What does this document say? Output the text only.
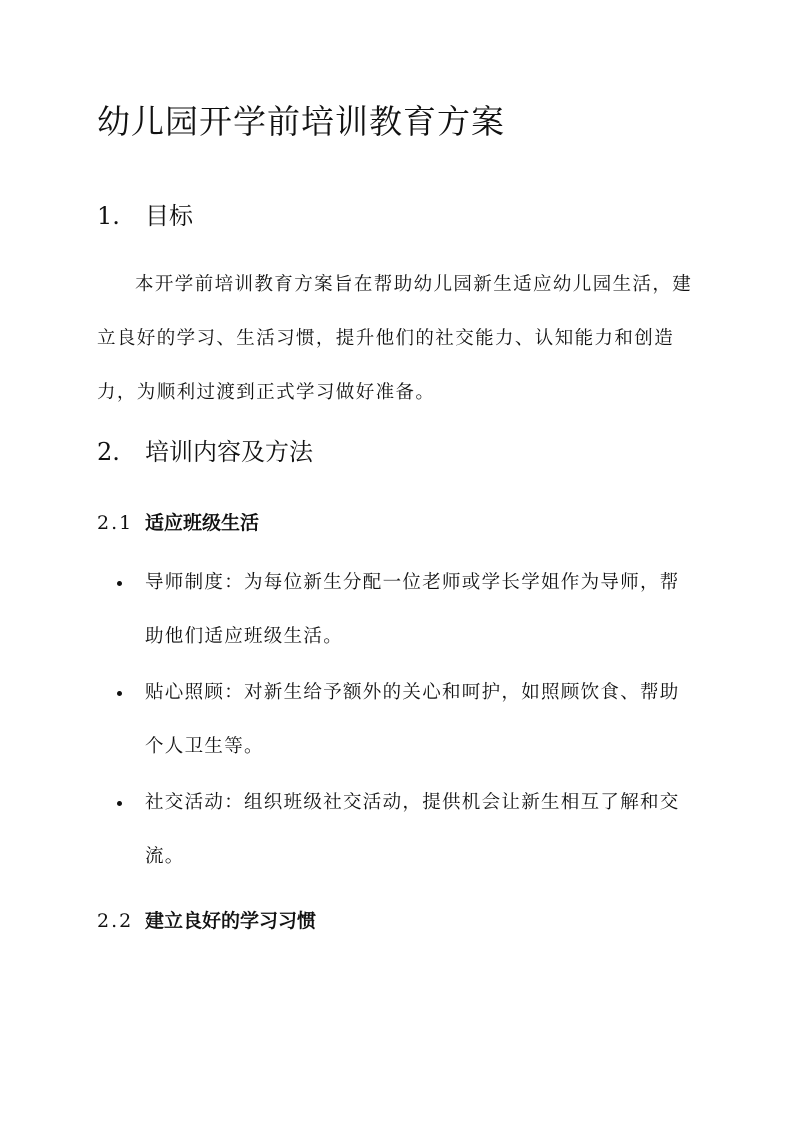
幼儿园开学前培训教育方案
1. 目标

本开学前培训教育方案旨在帮助幼儿园新生适应幼儿园生活，建立良好的学习、生活习惯，提升他们的社交能力、认知能力和创造力，为顺利过渡到正式学习做好准备。

2. 培训内容及方法
2.1 适应班级生活
导师制度：为每位新生分配一位老师或学长学姐作为导师，帮助他们适应班级生活。
贴心照顾：对新生给予额外的关心和呵护，如照顾饮食、帮助个人卫生等。
社交活动：组织班级社交活动，提供机会让新生相互了解和交流。
2.2 建立良好的学习习惯
